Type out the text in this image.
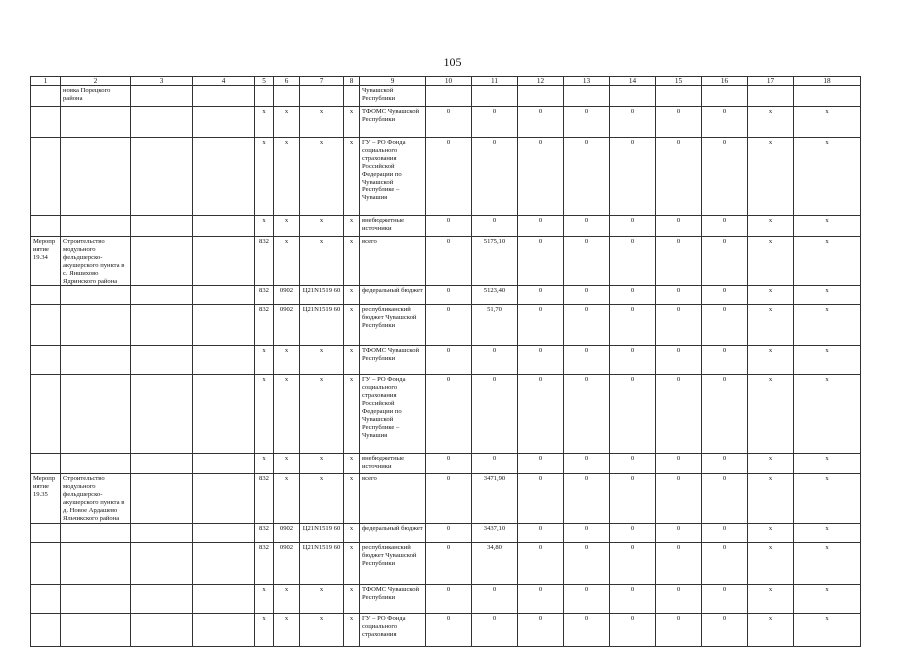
105
1	2	3	4	5	6	7	8	9	10	11	12	13	14	15	16	17	18
	новка Порецкого района							Чувашской Республики									
				x	x	x	x	ТФОМС Чувашской Республики	0	0	0	0	0	0	0	x	x
				x	x	x	x	ГУ – РО Фонда социального страхования Российской Федерации по Чувашской Республике – Чувашия	0	0	0	0	0	0	0	x	x
				x	x	x	x	внебюджетные источники	0	0	0	0	0	0	0	x	x
Мероприятие 19.34	Строительство модульного фельдшерско-акушерского пункта в с. Яншихово Ядринского района			832	x	x	x	всего	0	5175,10	0	0	0	0	0	x	x
				832	0902	Ц21N1519 60	x	федеральный бюджет	0	5123,40	0	0	0	0	0	x	x
				832	0902	Ц21N1519 60	x	республиканский бюджет Чувашской Республики	0	51,70	0	0	0	0	0	x	x
				x	x	x	x	ТФОМС Чувашской Республики	0	0	0	0	0	0	0	x	x
				x	x	x	x	ГУ – РО Фонда социального страхования Российской Федерации по Чувашской Республике – Чувашия	0	0	0	0	0	0	0	x	x
				x	x	x	x	внебюджетные источники	0	0	0	0	0	0	0	x	x
Мероприятие 19.35	Строительство модульного фельдшерско-акушерского пункта в д. Новое Ардашево Яльчикского района			832	x	x	x	всего	0	3471,90	0	0	0	0	0	x	x
				832	0902	Ц21N1519 60	x	федеральный бюджет	0	3437,10	0	0	0	0	0	x	x
				832	0902	Ц21N1519 60	x	республиканский бюджет Чувашской Республики	0	34,80	0	0	0	0	0	x	x
				x	x	x	x	ТФОМС Чувашской Республики	0	0	0	0	0	0	0	x	x
				x	x	x	x	ГУ – РО Фонда социального страхования	0	0	0	0	0	0	0	x	x
